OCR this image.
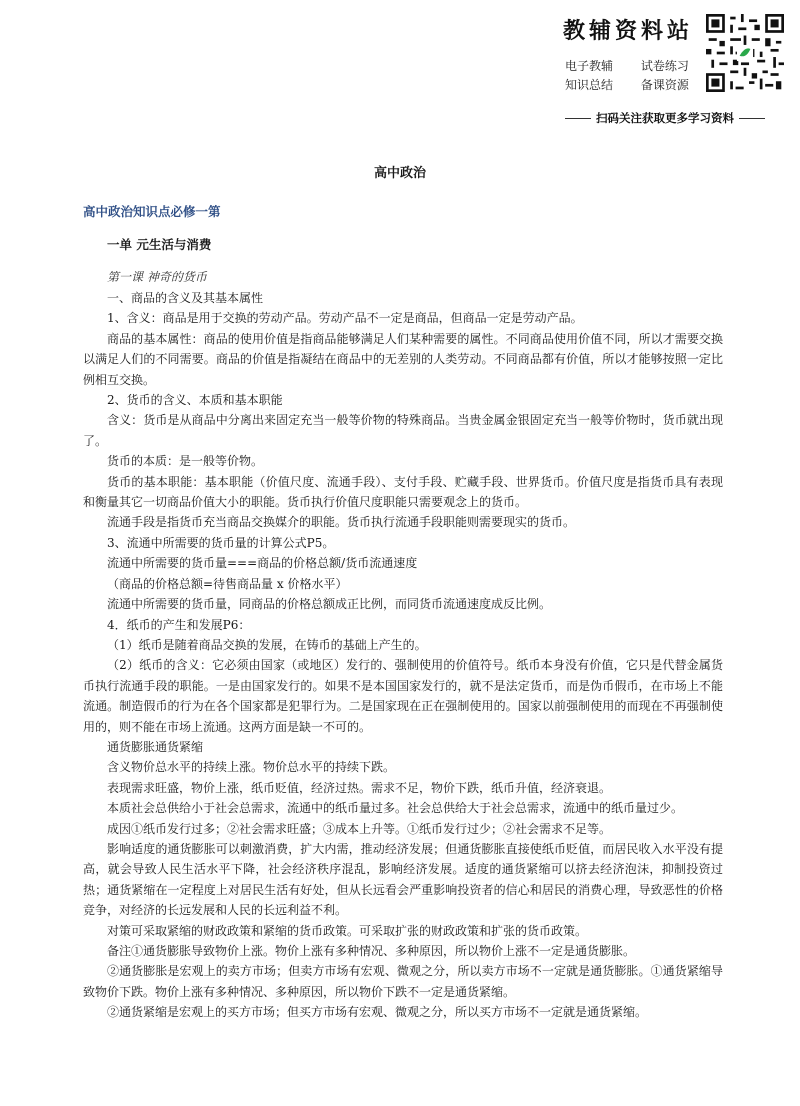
教辅资料站
电子教辅 试卷练习
知识总结 备课资源
扫码关注获取更多学习资料
高中政治
高中政治知识点必修一第
一单 元生活与消费
第一课 神奇的货币

一、商品的含义及其基本属性

1、含义：商品是用于交换的劳动产品。劳动产品不一定是商品，但商品一定是劳动产品。

商品的基本属性：商品的使用价值是指商品能够满足人们某种需要的属性。不同商品使用价值不同，所以才需要交换以满足人们的不同需要。商品的价值是指凝结在商品中的无差别的人类劳动。不同商品都有价值，所以才能够按照一定比例相互交换。

2、货币的含义、本质和基本职能

含义：货币是从商品中分离出来固定充当一般等价物的特殊商品。当贵金属金银固定充当一般等价物时，货币就出现了。

货币的本质：是一般等价物。

货币的基本职能：基本职能（价值尺度、流通手段）、支付手段、贮藏手段、世界货币。价值尺度是指货币具有表现和衡量其它一切商品价值大小的职能。货币执行价值尺度职能只需要观念上的货币。

流通手段是指货币充当商品交换媒介的职能。货币执行流通手段职能则需要现实的货币。

3、流通中所需要的货币量的计算公式P5。

流通中所需要的货币量===商品的价格总额/货币流通速度

（商品的价格总额=待售商品量 x 价格水平）

流通中所需要的货币量，同商品的价格总额成正比例，而同货币流通速度成反比例。

4．纸币的产生和发展P6：

（1）纸币是随着商品交换的发展，在铸币的基础上产生的。

（2）纸币的含义：它必须由国家（或地区）发行的、强制使用的价值符号。纸币本身没有价值，它只是代替金属货币执行流通手段的职能。一是由国家发行的。如果不是本国国家发行的，就不是法定货币，而是伪币假币，在市场上不能流通。制造假币的行为在各个国家都是犯罪行为。二是国家现在正在强制使用的。国家以前强制使用的而现在不再强制使用的，则不能在市场上流通。这两方面是缺一不可的。

通货膨胀通货紧缩

含义物价总水平的持续上涨。物价总水平的持续下跌。

表现需求旺盛，物价上涨，纸币贬值，经济过热。需求不足，物价下跌，纸币升值，经济衰退。

本质社会总供给小于社会总需求，流通中的纸币量过多。社会总供给大于社会总需求，流通中的纸币量过少。

成因①纸币发行过多；②社会需求旺盛；③成本上升等。①纸币发行过少；②社会需求不足等。

影响适度的通货膨胀可以刺激消费，扩大内需，推动经济发展；但通货膨胀直接使纸币贬值，而居民收入水平没有提高，就会导致人民生活水平下降，社会经济秩序混乱，影响经济发展。适度的通货紧缩可以挤去经济泡沫，抑制投资过热；通货紧缩在一定程度上对居民生活有好处，但从长远看会严重影响投资者的信心和居民的消费心理，导致恶性的价格竞争，对经济的长远发展和人民的长远利益不利。

对策可采取紧缩的财政政策和紧缩的货币政策。可采取扩张的财政政策和扩张的货币政策。

备注①通货膨胀导致物价上涨。物价上涨有多种情况、多种原因，所以物价上涨不一定是通货膨胀。

②通货膨胀是宏观上的卖方市场；但卖方市场有宏观、微观之分，所以卖方市场不一定就是通货膨胀。①通货紧缩导致物价下跌。物价上涨有多种情况、多种原因，所以物价下跌不一定是通货紧缩。

②通货紧缩是宏观上的买方市场；但买方市场有宏观、微观之分，所以买方市场不一定就是通货紧缩。
